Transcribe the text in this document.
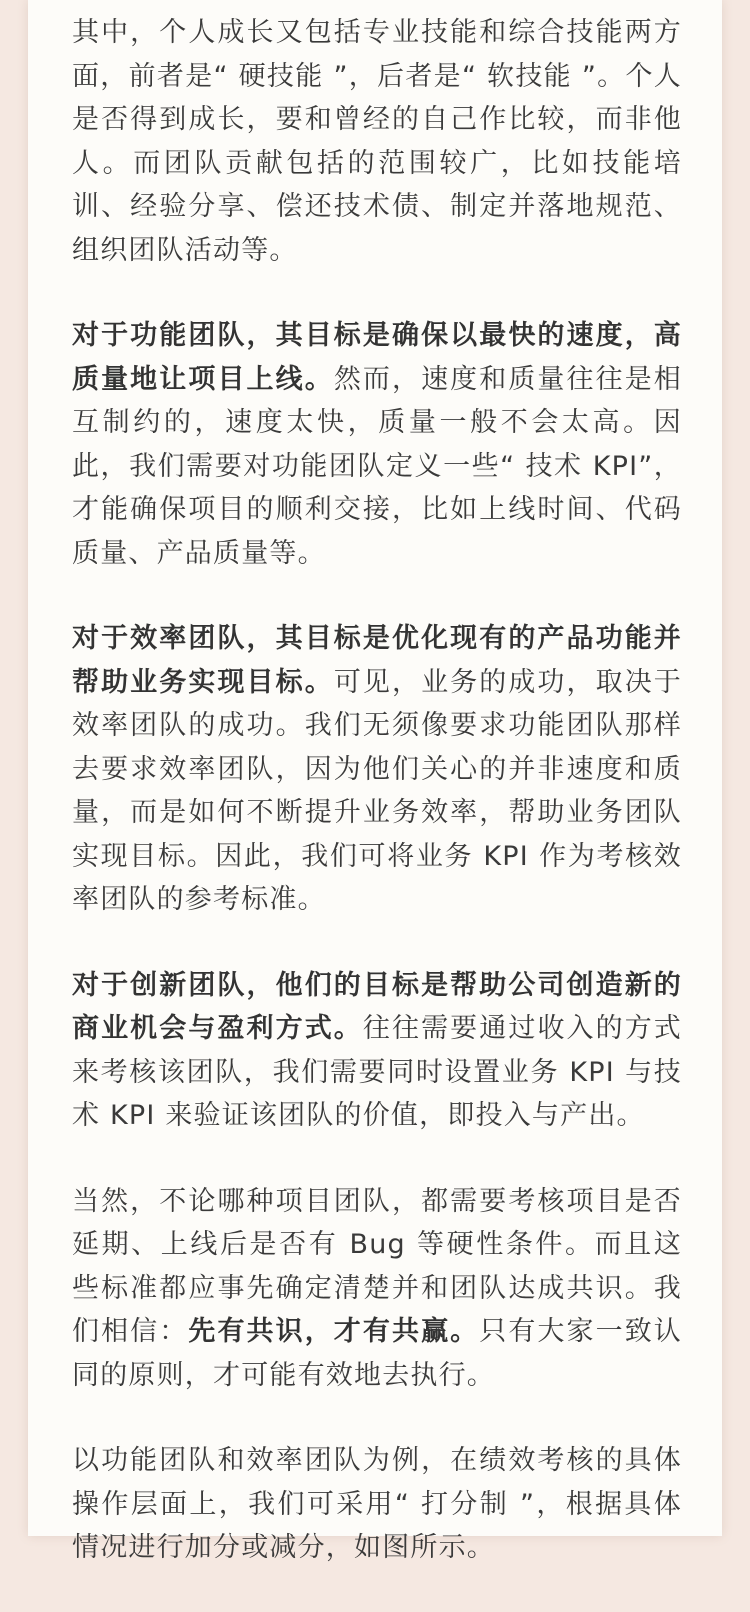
其中，个人成长又包括专业技能和综合技能两方面，前者是“ 硬技能 ”，后者是“ 软技能 ”。个人是否得到成长，要和曾经的自己作比较，而非他人。而团队贡献包括的范围较广，比如技能培训、经验分享、偿还技术债、制定并落地规范、组织团队活动等。

对于功能团队，其目标是确保以最快的速度，高质量地让项目上线。然而，速度和质量往往是相互制约的，速度太快，质量一般不会太高。因此，我们需要对功能团队定义一些“ 技术 KPI”，才能确保项目的顺利交接，比如上线时间、代码质量、产品质量等。

对于效率团队，其目标是优化现有的产品功能并帮助业务实现目标。可见，业务的成功，取决于效率团队的成功。我们无须像要求功能团队那样去要求效率团队，因为他们关心的并非速度和质量，而是如何不断提升业务效率，帮助业务团队实现目标。因此，我们可将业务 KPI 作为考核效率团队的参考标准。

对于创新团队，他们的目标是帮助公司创造新的商业机会与盈利方式。往往需要通过收入的方式来考核该团队，我们需要同时设置业务 KPI 与技术 KPI 来验证该团队的价值，即投入与产出。

当然，不论哪种项目团队，都需要考核项目是否延期、上线后是否有 Bug 等硬性条件。而且这些标准都应事先确定清楚并和团队达成共识。我们相信：先有共识，才有共赢。只有大家一致认同的原则，才可能有效地去执行。

以功能团队和效率团队为例，在绩效考核的具体操作层面上，我们可采用“ 打分制 ”，根据具体情况进行加分或减分，如图所示。
